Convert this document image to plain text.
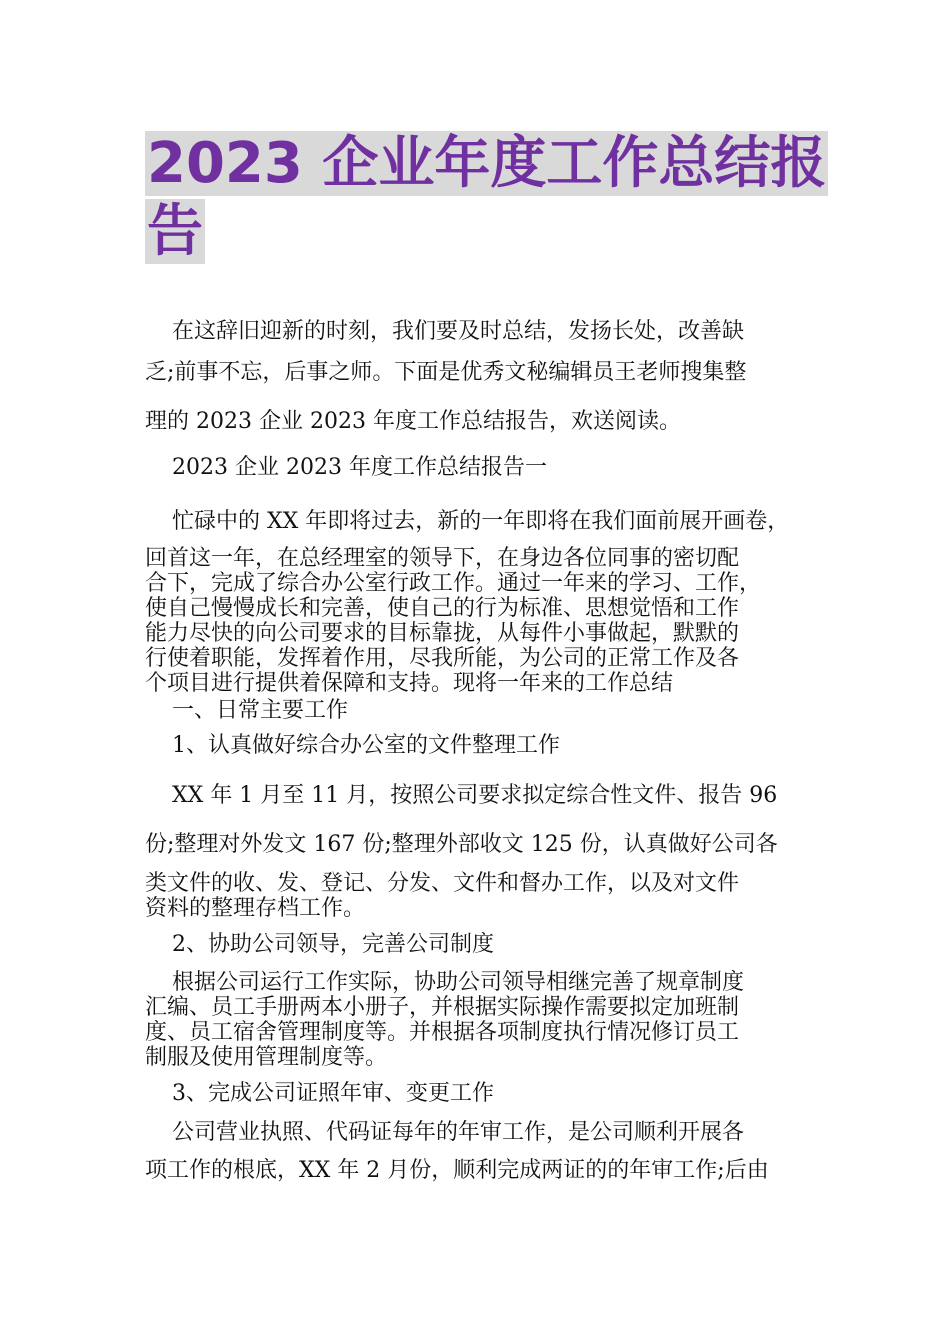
2023 企业年度工作总结报
告
在这辞旧迎新的时刻，我们要及时总结，发扬长处，改善缺
乏;前事不忘，后事之师。下面是优秀文秘编辑员王老师搜集整
理的 2023 企业 2023 年度工作总结报告，欢送阅读。
2023 企业 2023 年度工作总结报告一
忙碌中的 XX 年即将过去，新的一年即将在我们面前展开画卷，
回首这一年，在总经理室的领导下，在身边各位同事的密切配
合下，完成了综合办公室行政工作。通过一年来的学习、工作，
使自己慢慢成长和完善，使自己的行为标准、思想觉悟和工作
能力尽快的向公司要求的目标靠拢，从每件小事做起，默默的
行使着职能，发挥着作用，尽我所能，为公司的正常工作及各
个项目进行提供着保障和支持。现将一年来的工作总结
一、日常主要工作
1、认真做好综合办公室的文件整理工作
XX 年 1 月至 11 月，按照公司要求拟定综合性文件、报告 96
份;整理对外发文 167 份;整理外部收文 125 份，认真做好公司各
类文件的收、发、登记、分发、文件和督办工作，以及对文件
资料的整理存档工作。
2、协助公司领导，完善公司制度
根据公司运行工作实际，协助公司领导相继完善了规章制度
汇编、员工手册两本小册子，并根据实际操作需要拟定加班制
度、员工宿舍管理制度等。并根据各项制度执行情况修订员工
制服及使用管理制度等。
3、完成公司证照年审、变更工作
公司营业执照、代码证每年的年审工作，是公司顺利开展各
项工作的根底，XX 年 2 月份，顺利完成两证的的年审工作;后由
